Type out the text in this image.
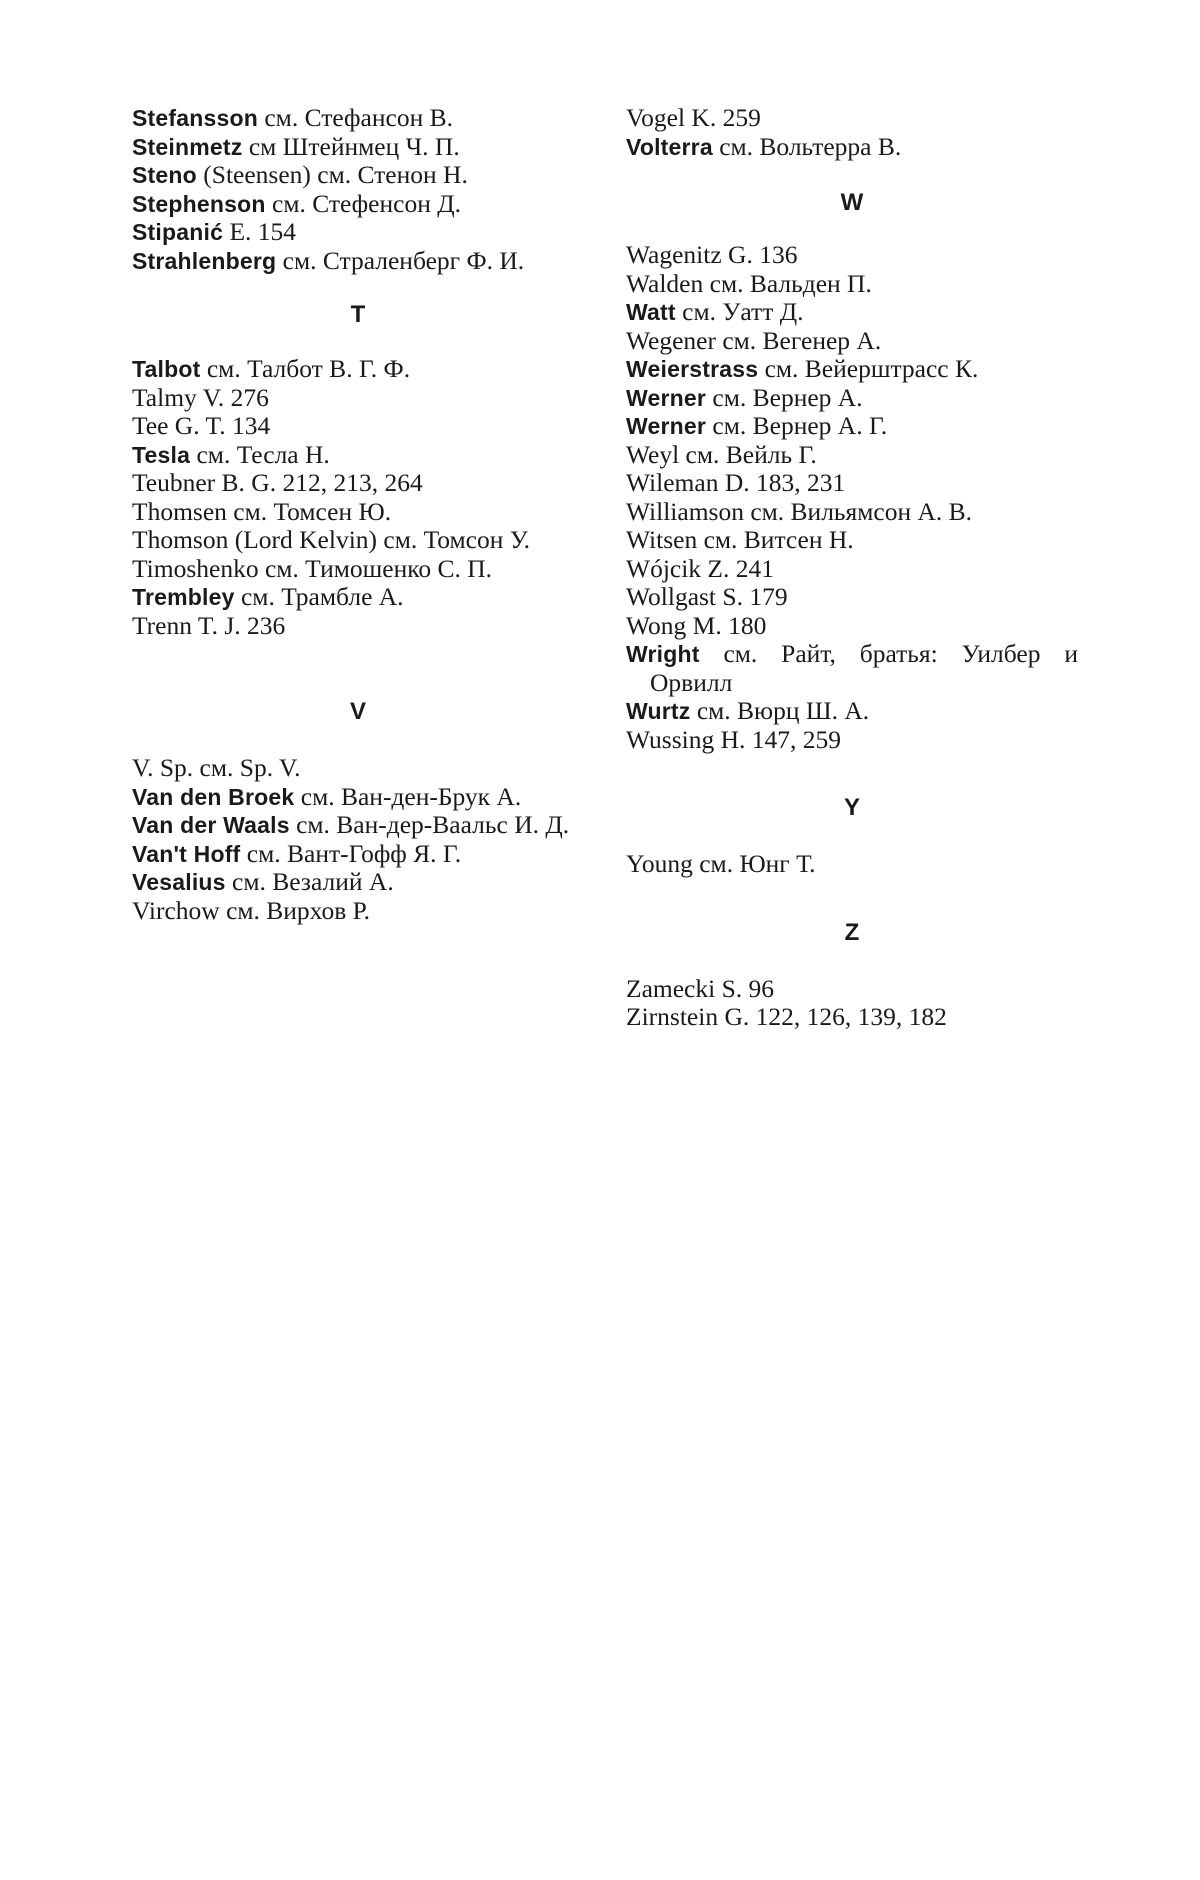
Stefansson см. Стефансон В.

Steinmetz см Штейнмец Ч. П.

Steno (Steensen) см. Стенон Н.

Stephenson см. Стефенсон Д.

Stipanić E. 154

Strahlenberg см. Страленберг Ф. И.

T

Talbot см. Талбот В. Г. Ф.

Talmy V. 276

Tee G. T. 134

Tesla см. Тесла Н.

Teubner B. G. 212, 213, 264

Thomsen см. Томсен Ю.

Thomson (Lord Kelvin) см. Томсон У.

Timoshenko см. Тимошенко С. П.

Trembley см. Трамбле А.

Trenn T. J. 236

V

V. Sp. см. Sp. V.

Van den Broek см. Ван-ден-Брук А.

Van der Waals см. Ван-дер-Ваальс И. Д.

Van't Hoff см. Вант-Гофф Я. Г.

Vesalius см. Везалий А.

Virchow см. Вирхов Р.

Vogel K. 259

Volterra см. Вольтерра В.

W

Wagenitz G. 136

Walden см. Вальден П.

Watt см. Уатт Д.

Wegener см. Вегенер А.

Weierstrass см. Вейерштрасс К.

Werner см. Вернер А.

Werner см. Вернер А. Г.

Weyl см. Вейль Г.

Wileman D. 183, 231

Williamson см. Вильямсон А. В.

Witsen см. Витсен Н.

Wójcik Z. 241

Wollgast S. 179

Wong M. 180

Wright см. Райт, братья: Уилбер и Орвилл

Wurtz см. Вюрц Ш. А.

Wussing H. 147, 259

Y

Young см. Юнг Т.

Z

Zamecki S. 96

Zirnstein G. 122, 126, 139, 182
